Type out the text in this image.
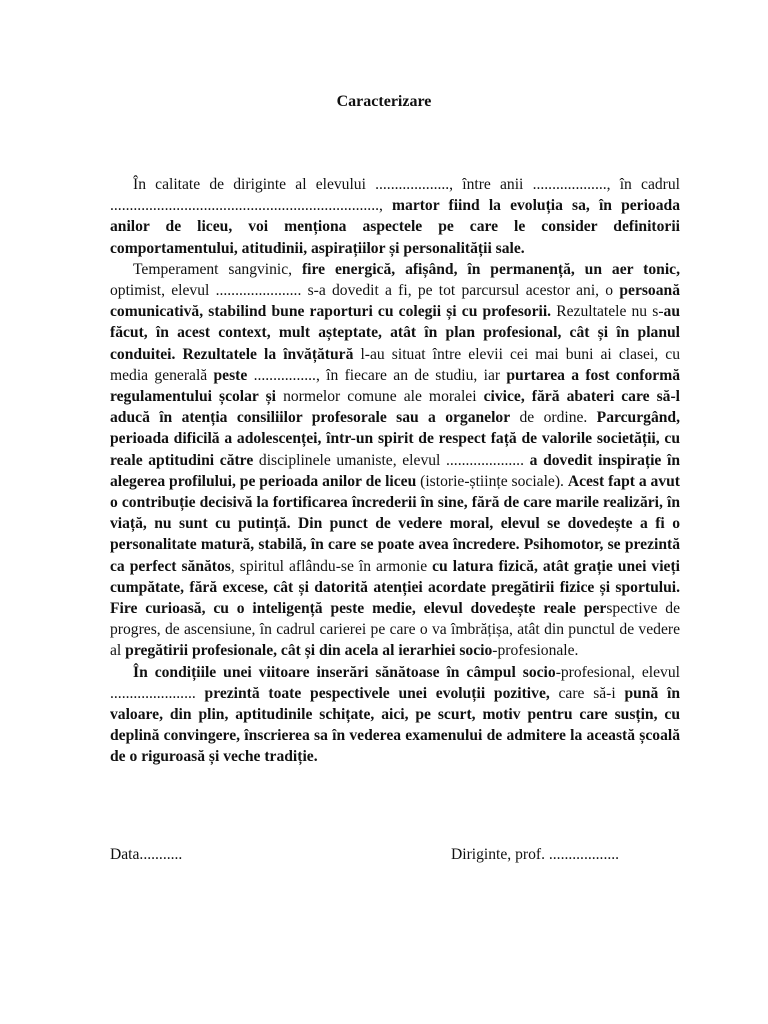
Caracterizare

În calitate de diriginte al elevului ..................., între anii ..................., în cadrul ....................................................................., martor fiind la evoluția sa, în perioada anilor de liceu, voi menționa aspectele pe care le consider definitorii comportamentului, atitudinii, aspirațiilor și personalității sale.

Temperament sangvinic, fire energică, afișând, în permanență, un aer tonic, optimist, elevul ...................... s-a dovedit a fi, pe tot parcursul acestor ani, o persoană comunicativă, stabilind bune raporturi cu colegii și cu profesorii. Rezultatele nu s-au făcut, în acest context, mult așteptate, atât în plan profesional, cât și în planul conduitei. Rezultatele la învățătură l-au situat între elevii cei mai buni ai clasei, cu media generală peste ................, în fiecare an de studiu, iar purtarea a fost conformă regulamentului școlar și normelor comune ale moralei civice, fără abateri care să-l aducă în atenția consiliilor profesorale sau a organelor de ordine. Parcurgând, perioada dificilă a adolescenței, într-un spirit de respect față de valorile societății, cu reale aptitudini către disciplinele umaniste, elevul .................... a dovedit inspirație în alegerea profilului, pe perioada anilor de liceu (istorie-științe sociale). Acest fapt a avut o contribuție decisivă la fortificarea încrederii în sine, fără de care marile realizări, în viață, nu sunt cu putință. Din punct de vedere moral, elevul se dovedește a fi o personalitate matură, stabilă, în care se poate avea încredere. Psihomotor, se prezintă ca perfect sănătos, spiritul aflându-se în armonie cu latura fizică, atât grație unei vieți cumpătate, fără excese, cât și datorită atenției acordate pregătirii fizice și sportului. Fire curioasă, cu o inteligență peste medie, elevul dovedește reale perspective de progres, de ascensiune, în cadrul carierei pe care o va îmbrățișa, atât din punctul de vedere al pregătirii profesionale, cât și din acela al ierarhiei socio-profesionale.

În condițiile unei viitoare inserări sănătoase în câmpul socio-profesional, elevul ...................... prezintă toate pespectivele unei evoluții pozitive, care să-i pună în valoare, din plin, aptitudinile schițate, aici, pe scurt, motiv pentru care susțin, cu deplină convingere, înscrierea sa în vederea examenului de admitere la această școală de o riguroasă și veche tradiție.

Data...........	Diriginte, prof. ..................
